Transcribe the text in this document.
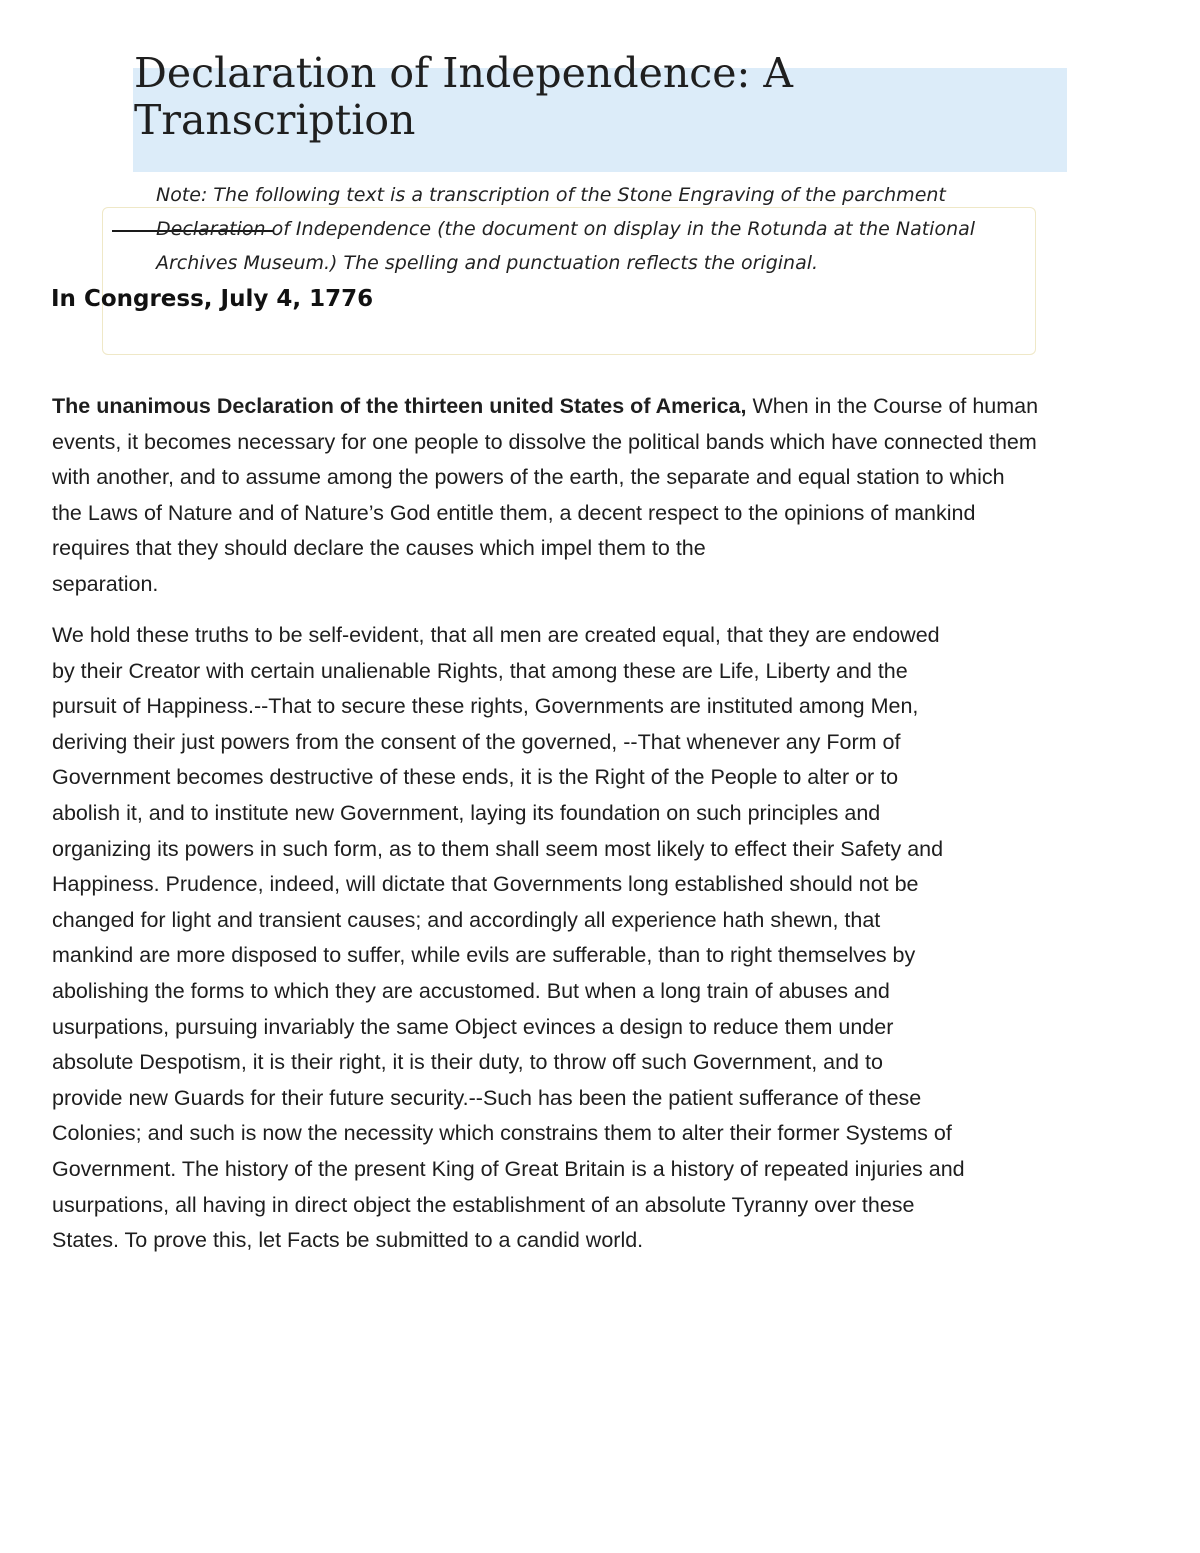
Declaration of Independence: A Transcription

Note: The following text is a transcription of the Stone Engraving of the parchment
Declaration of Independence (the document on display in the Rotunda at the National
Archives Museum.) The spelling and punctuation reflects the original.

In Congress, July 4, 1776

The unanimous Declaration of the thirteen united States of America, When in the Course of human
events, it becomes necessary for one people to dissolve the political bands which have connected them
with another, and to assume among the powers of the earth, the separate and equal station to which
the Laws of Nature and of Nature’s God entitle them, a decent respect to the opinions of mankind
requires that they should declare the causes which impel them to the
separation.

We hold these truths to be self-evident, that all men are created equal, that they are endowed
by their Creator with certain unalienable Rights, that among these are Life, Liberty and the
pursuit of Happiness.--That to secure these rights, Governments are instituted among Men,
deriving their just powers from the consent of the governed, --That whenever any Form of
Government becomes destructive of these ends, it is the Right of the People to alter or to
abolish it, and to institute new Government, laying its foundation on such principles and
organizing its powers in such form, as to them shall seem most likely to effect their Safety and
Happiness. Prudence, indeed, will dictate that Governments long established should not be
changed for light and transient causes; and accordingly all experience hath shewn, that
mankind are more disposed to suffer, while evils are sufferable, than to right themselves by
abolishing the forms to which they are accustomed. But when a long train of abuses and
usurpations, pursuing invariably the same Object evinces a design to reduce them under
absolute Despotism, it is their right, it is their duty, to throw off such Government, and to
provide new Guards for their future security.--Such has been the patient sufferance of these
Colonies; and such is now the necessity which constrains them to alter their former Systems of
Government. The history of the present King of Great Britain is a history of repeated injuries and
usurpations, all having in direct object the establishment of an absolute Tyranny over these
States. To prove this, let Facts be submitted to a candid world.
